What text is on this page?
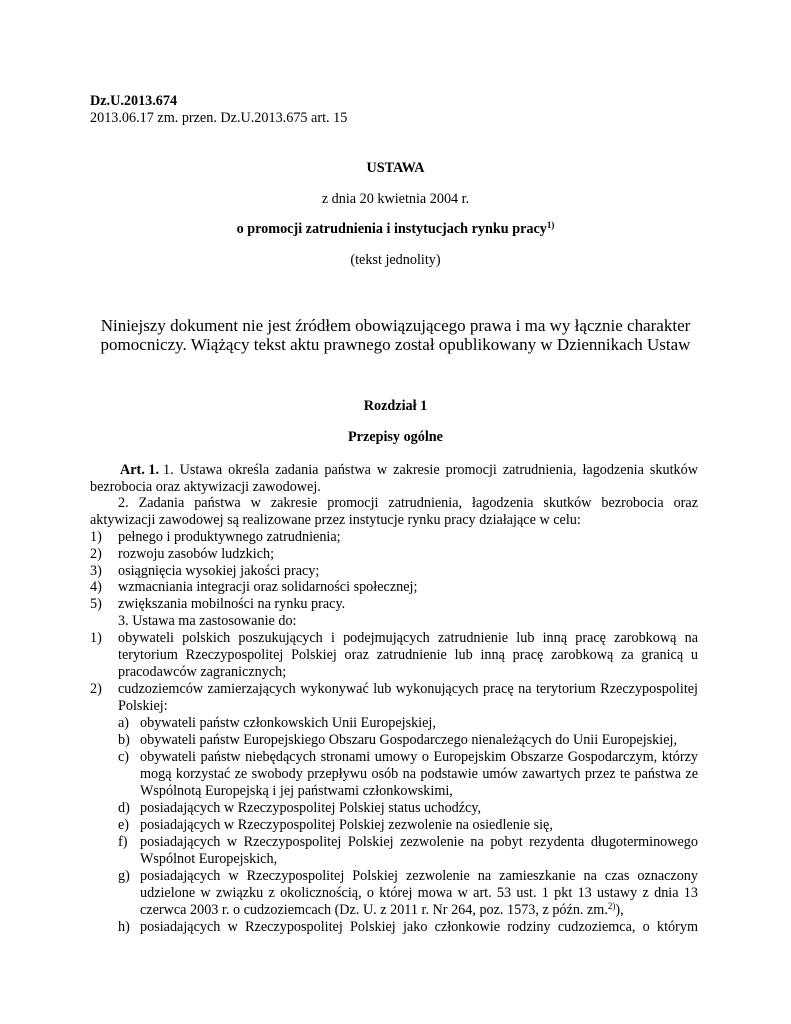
Dz.U.2013.674
2013.06.17 zm. przen. Dz.U.2013.675 art. 15
USTAWA
z dnia 20 kwietnia 2004 r.
o promocji zatrudnienia i instytucjach rynku pracy$^{1)}$
(tekst jednolity)
Niniejszy dokument nie jest źródłem obowiązującego prawa i ma wy łącznie charakter
pomocniczy. Wiążący tekst aktu prawnego został opublikowany w Dziennikach Ustaw
Rozdział 1
Przepisy ogólne
Art. 1. 1. Ustawa określa zadania państwa w zakresie promocji zatrudnienia, łagodzenia skutków
bezrobocia oraz aktywizacji zawodowej.
2. Zadania państwa w zakresie promocji zatrudnienia, łagodzenia skutków bezrobocia oraz
aktywizacji zawodowej są realizowane przez instytucje rynku pracy działające w celu:
1) pełnego i produktywnego zatrudnienia;
2) rozwoju zasobów ludzkich;
3) osiągnięcia wysokiej jakości pracy;
4) wzmacniania integracji oraz solidarności społecznej;
5) zwiększania mobilności na rynku pracy.
3. Ustawa ma zastosowanie do:
1) obywateli polskich poszukujących i podejmujących zatrudnienie lub inną pracę zarobkową na
terytorium Rzeczypospolitej Polskiej oraz zatrudnienie lub inną pracę zarobkową za granicą u
pracodawców zagranicznych;
2) cudzoziemców zamierzających wykonywać lub wykonujących pracę na terytorium Rzeczypospolitej
Polskiej:
a) obywateli państw członkowskich Unii Europejskiej,
b) obywateli państw Europejskiego Obszaru Gospodarczego nienależących do Unii Europejskiej,
c) obywateli państw niebędących stronami umowy o Europejskim Obszarze Gospodarczym, którzy
mogą korzystać ze swobody przepływu osób na podstawie umów zawartych przez te państwa ze
Wspólnotą Europejską i jej państwami członkowskimi,
d) posiadających w Rzeczypospolitej Polskiej status uchodźcy,
e) posiadających w Rzeczypospolitej Polskiej zezwolenie na osiedlenie się,
f) posiadających w Rzeczypospolitej Polskiej zezwolenie na pobyt rezydenta długoterminowego
Wspólnot Europejskich,
g) posiadających w Rzeczypospolitej Polskiej zezwolenie na zamieszkanie na czas oznaczony
udzielone w związku z okolicznością, o której mowa w art. 53 ust. 1 pkt 13 ustawy z dnia 13
czerwca 2003 r. o cudzoziemcach (Dz. U. z 2011 r. Nr 264, poz. 1573, z późn. zm.$^{2)}$),
h) posiadających w Rzeczypospolitej Polskiej jako członkowie rodziny cudzoziemca, o którym
